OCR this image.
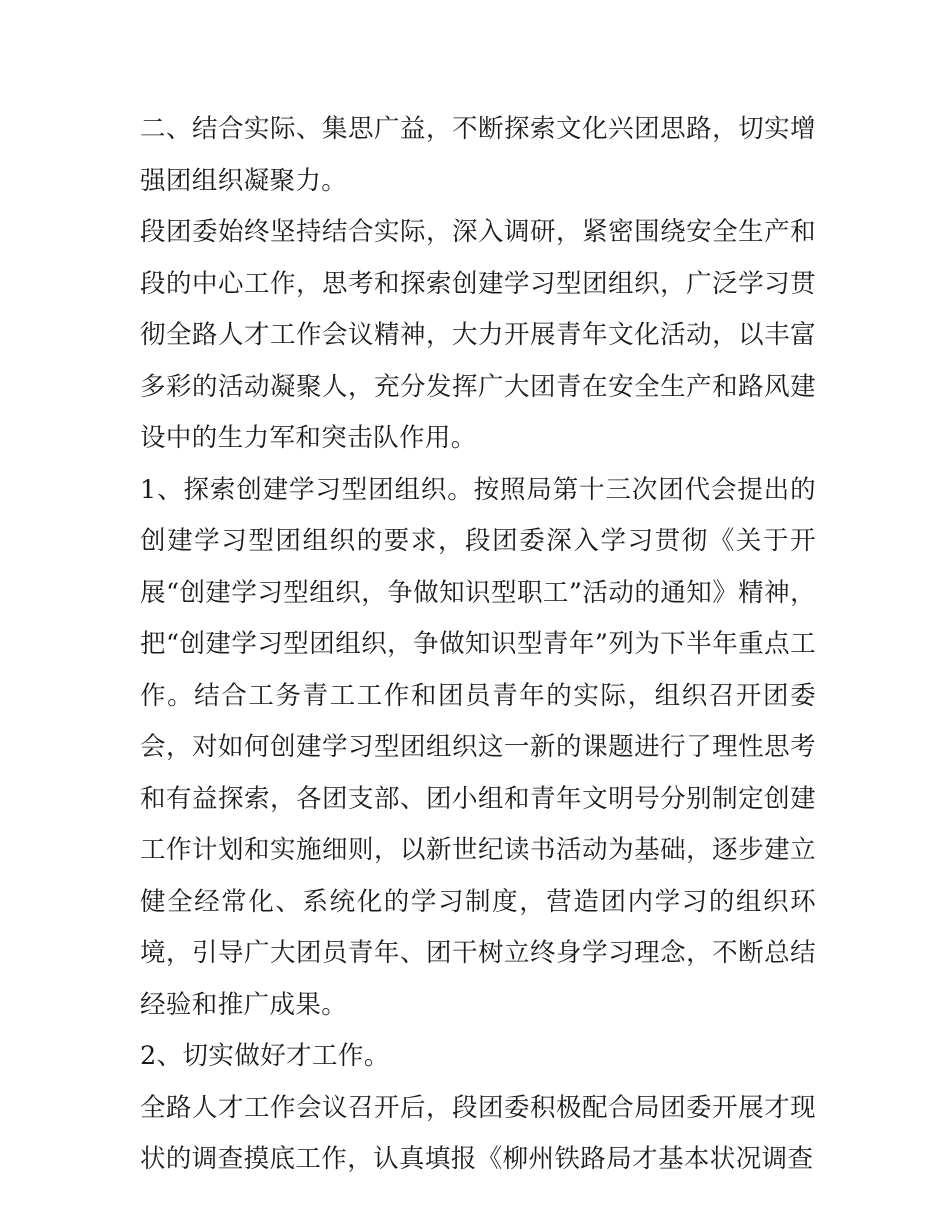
二、结合实际、集思广益，不断探索文化兴团思路，切实增强团组织凝聚力。

段团委始终坚持结合实际，深入调研，紧密围绕安全生产和段的中心工作，思考和探索创建学习型团组织，广泛学习贯彻全路人才工作会议精神，大力开展青年文化活动，以丰富多彩的活动凝聚人，充分发挥广大团青在安全生产和路风建设中的生力军和突击队作用。

1、探索创建学习型团组织。按照局第十三次团代会提出的创建学习型团组织的要求，段团委深入学习贯彻《关于开展“创建学习型组织，争做知识型职工”活动的通知》精神，把“创建学习型团组织，争做知识型青年”列为下半年重点工作。结合工务青工工作和团员青年的实际，组织召开团委会，对如何创建学习型团组织这一新的课题进行了理性思考和有益探索，各团支部、团小组和青年文明号分别制定创建工作计划和实施细则，以新世纪读书活动为基础，逐步建立健全经常化、系统化的学习制度，营造团内学习的组织环境，引导广大团员青年、团干树立终身学习理念，不断总结经验和推广成果。

2、切实做好才工作。

全路人才工作会议召开后，段团委积极配合局团委开展才现状的调查摸底工作，认真填报《柳州铁路局才基本状况调查
